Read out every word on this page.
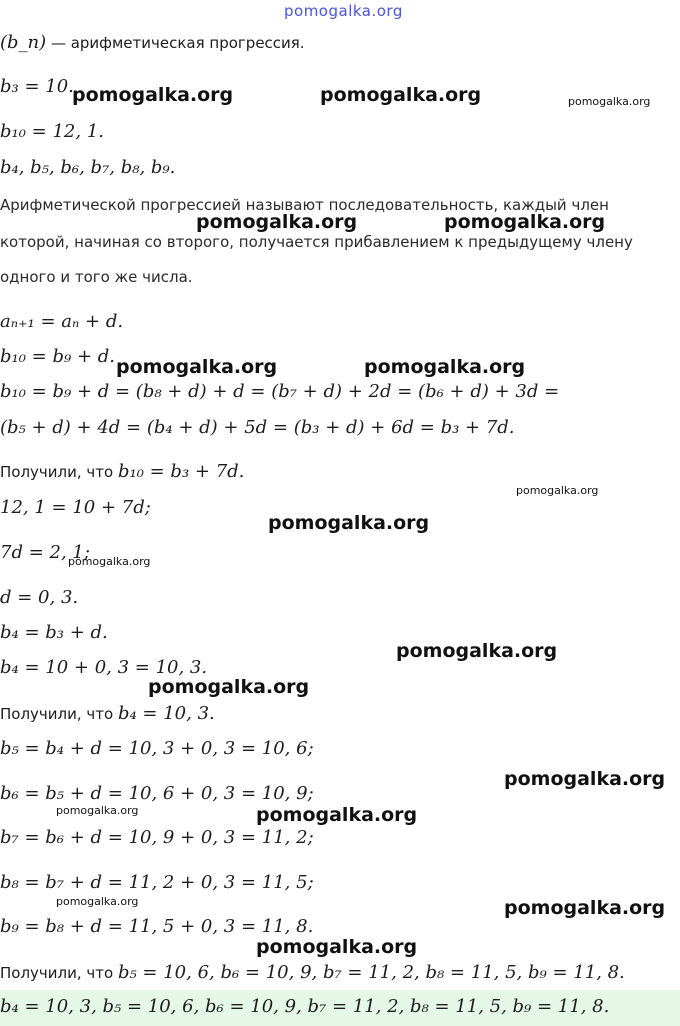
pomogalka.org
(b_n) — арифметическая прогрессия.
b₃ = 10.
b₁₀ = 12, 1.
b₄, b₅, b₆, b₇, b₈, b₉.
Арифметической прогрессией называют последовательность, каждый член
которой, начиная со второго, получается прибавлением к предыдущему члену
одного и того же числа.
aₙ₊₁ = aₙ + d.
b₁₀ = b₉ + d.
b₁₀ = b₉ + d = (b₈ + d) + d = (b₇ + d) + 2d = (b₆ + d) + 3d =
(b₅ + d) + 4d = (b₄ + d) + 5d = (b₃ + d) + 6d = b₃ + 7d.
Получили, что b₁₀ = b₃ + 7d.
12, 1 = 10 + 7d;
7d = 2, 1;
d = 0, 3.
b₄ = b₃ + d.
b₄ = 10 + 0, 3 = 10, 3.
Получили, что b₄ = 10, 3.
b₅ = b₄ + d = 10, 3 + 0, 3 = 10, 6;
b₆ = b₅ + d = 10, 6 + 0, 3 = 10, 9;
b₇ = b₆ + d = 10, 9 + 0, 3 = 11, 2;
b₈ = b₇ + d = 11, 2 + 0, 3 = 11, 5;
b₉ = b₈ + d = 11, 5 + 0, 3 = 11, 8.
Получили, что b₅ = 10, 6, b₆ = 10, 9, b₇ = 11, 2, b₈ = 11, 5, b₉ = 11, 8.
b₄ = 10, 3, b₅ = 10, 6, b₆ = 10, 9, b₇ = 11, 2, b₈ = 11, 5, b₉ = 11, 8.
pomogalka.org	pomogalka.org	pomogalka.org
pomogalka.org	pomogalka.org
pomogalka.org	pomogalka.org
pomogalka.org
pomogalka.org
pomogalka.org
pomogalka.org
pomogalka.org
pomogalka.org
pomogalka.org	pomogalka.org
pomogalka.org	pomogalka.org
pomogalka.org
